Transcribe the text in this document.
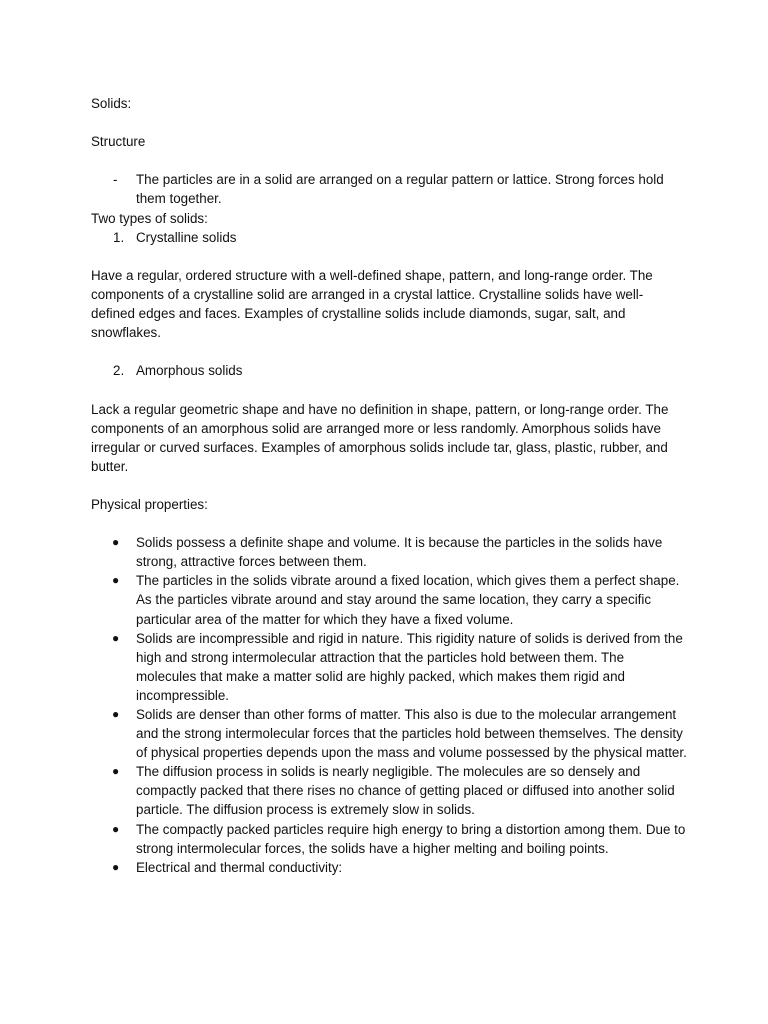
Solids:

Structure

-	The particles are in a solid are arranged on a regular pattern or lattice. Strong forces hold them together.

Two types of solids:

1. Crystalline solids

Have a regular, ordered structure with a well-defined shape, pattern, and long-range order. The components of a crystalline solid are arranged in a crystal lattice. Crystalline solids have well-defined edges and faces. Examples of crystalline solids include diamonds, sugar, salt, and snowflakes.

2. Amorphous solids

Lack a regular geometric shape and have no definition in shape, pattern, or long-range order. The components of an amorphous solid are arranged more or less randomly. Amorphous solids have irregular or curved surfaces. Examples of amorphous solids include tar, glass, plastic, rubber, and butter.

Physical properties:

●	Solids possess a definite shape and volume. It is because the particles in the solids have strong, attractive forces between them.
●	The particles in the solids vibrate around a fixed location, which gives them a perfect shape. As the particles vibrate around and stay around the same location, they carry a specific particular area of the matter for which they have a fixed volume.
●	Solids are incompressible and rigid in nature. This rigidity nature of solids is derived from the high and strong intermolecular attraction that the particles hold between them. The molecules that make a matter solid are highly packed, which makes them rigid and incompressible.
●	Solids are denser than other forms of matter. This also is due to the molecular arrangement and the strong intermolecular forces that the particles hold between themselves. The density of physical properties depends upon the mass and volume possessed by the physical matter.
●	The diffusion process in solids is nearly negligible. The molecules are so densely and compactly packed that there rises no chance of getting placed or diffused into another solid particle. The diffusion process is extremely slow in solids.
●	The compactly packed particles require high energy to bring a distortion among them. Due to strong intermolecular forces, the solids have a higher melting and boiling points.
●	Electrical and thermal conductivity:
